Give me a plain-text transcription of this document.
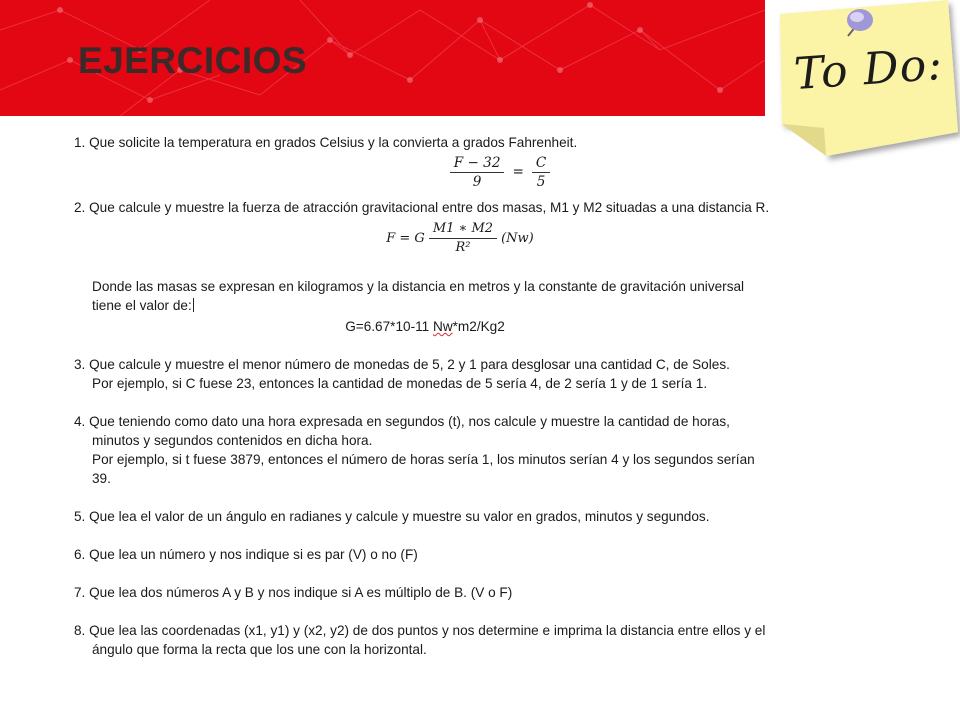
EJERCICIOS	To Do:

1. Que solicite la temperatura en grados Celsius y la convierta a grados Fahrenheit.

$\frac{F - 32}{9} = \frac{C}{5}$

2. Que calcule y muestre la fuerza de atracción gravitacional entre dos masas, M1 y M2 situadas a una distancia R.

F = G $\frac{M1 ∗ M2}{\text{R²}} (Nw)$

Donde las masas se expresan en kilogramos y la distancia en metros y la constante de gravitación universal

tiene el valor de:

G=6.67*10-11 Nw*m2/Kg2

3. Que calcule y muestre el menor número de monedas de 5, 2 y 1 para desglosar una cantidad C, de Soles.

Por ejemplo, si C fuese 23, entonces la cantidad de monedas de 5 sería 4, de 2 sería 1 y de 1 sería 1.

4. Que teniendo como dato una hora expresada en segundos (t), nos calcule y muestre la cantidad de horas,

minutos y segundos contenidos en dicha hora.

Por ejemplo, si t fuese 3879, entonces el número de horas sería 1, los minutos serían 4 y los segundos serían

39.

5. Que lea el valor de un ángulo en radianes y calcule y muestre su valor en grados, minutos y segundos.

6. Que lea un número y nos indique si es par (V) o no (F)

7. Que lea dos números A y B y nos indique si A es múltiplo de B. (V o F)

8. Que lea las coordenadas (x1, y1) y (x2, y2) de dos puntos y nos determine e imprima la distancia entre ellos y el

ángulo que forma la recta que los une con la horizontal.
